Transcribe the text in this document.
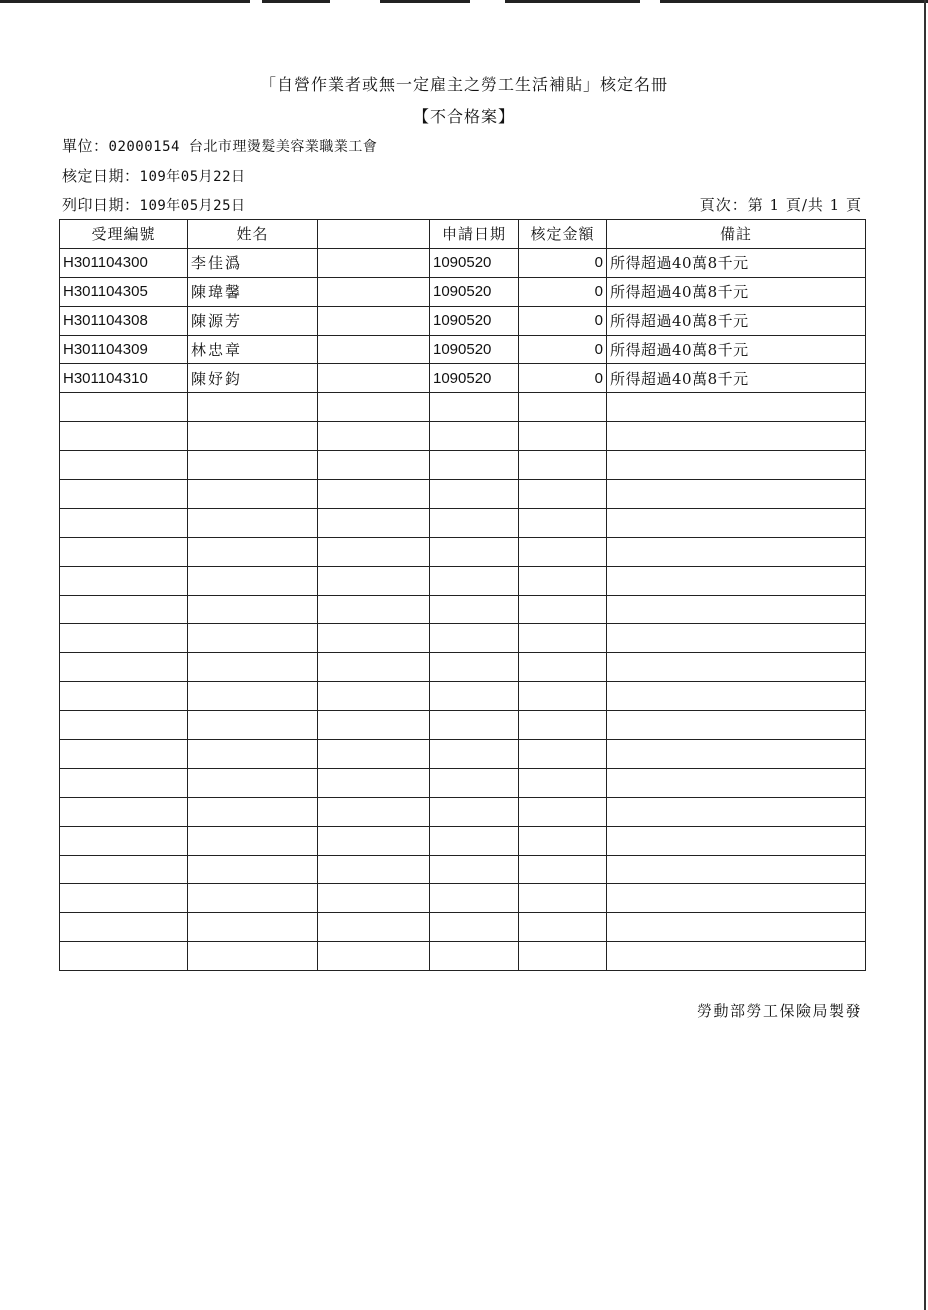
「自營作業者或無一定雇主之勞工生活補貼」核定名冊
【不合格案】
單位：02000154 台北市理燙髮美容業職業工會
核定日期：109年05月22日
列印日期：109年05月25日	頁次：第 1 頁/共 1 頁
受理編號	姓名		申請日期	核定金額	備註
H301104300	李佳潙		1090520	0	所得超過40萬8千元
H301104305	陳瑋馨		1090520	0	所得超過40萬8千元
H301104308	陳源芳		1090520	0	所得超過40萬8千元
H301104309	林忠章		1090520	0	所得超過40萬8千元
H301104310	陳妤鈞		1090520	0	所得超過40萬8千元

勞動部勞工保險局製發
